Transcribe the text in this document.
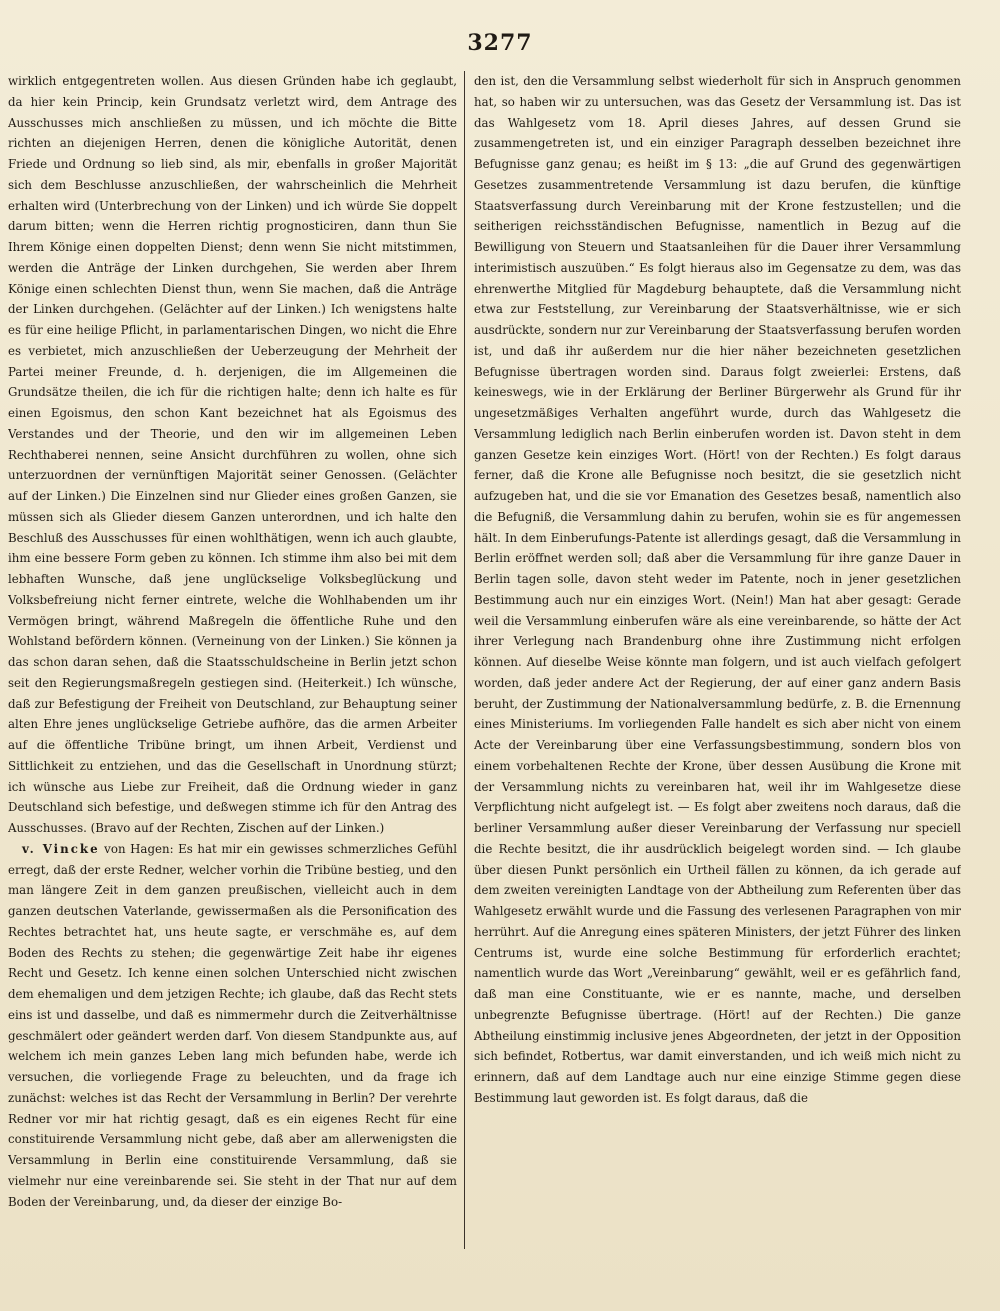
3277

wirklich entgegentreten wollen. Aus diesen Gründen habe ich geglaubt, da hier kein Princip, kein Grundsatz verletzt wird, dem Antrage des Ausschusses mich anschließen zu müssen, und ich möchte die Bitte richten an diejenigen Herren, denen die königliche Autorität, denen Friede und Ordnung so lieb sind, als mir, ebenfalls in großer Majorität sich dem Beschlusse anzuschließen, der wahrscheinlich die Mehrheit erhalten wird (Unterbrechung von der Linken) und ich würde Sie doppelt darum bitten; wenn die Herren richtig prognosticiren, dann thun Sie Ihrem Könige einen doppelten Dienst; denn wenn Sie nicht mitstimmen, werden die Anträge der Linken durchgehen, Sie werden aber Ihrem Könige einen schlechten Dienst thun, wenn Sie machen, daß die Anträge der Linken durchgehen. (Gelächter auf der Linken.) Ich wenigstens halte es für eine heilige Pflicht, in parlamentarischen Dingen, wo nicht die Ehre es verbietet, mich anzuschließen der Ueberzeugung der Mehrheit der Partei meiner Freunde, d. h. derjenigen, die im Allgemeinen die Grundsätze theilen, die ich für die richtigen halte; denn ich halte es für einen Egoismus, den schon Kant bezeichnet hat als Egoismus des Verstandes und der Theorie, und den wir im allgemeinen Leben Rechthaberei nennen, seine Ansicht durchführen zu wollen, ohne sich unterzuordnen der vernünftigen Majorität seiner Genossen. (Gelächter auf der Linken.) Die Einzelnen sind nur Glieder eines großen Ganzen, sie müssen sich als Glieder diesem Ganzen unterordnen, und ich halte den Beschluß des Ausschusses für einen wohlthätigen, wenn ich auch glaubte, ihm eine bessere Form geben zu können. Ich stimme ihm also bei mit dem lebhaften Wunsche, daß jene unglückselige Volksbeglückung und Volksbefreiung nicht ferner eintrete, welche die Wohlhabenden um ihr Vermögen bringt, während Maßregeln die öffentliche Ruhe und den Wohlstand befördern können. (Verneinung von der Linken.) Sie können ja das schon daran sehen, daß die Staatsschuldscheine in Berlin jetzt schon seit den Regierungsmaßregeln gestiegen sind. (Heiterkeit.) Ich wünsche, daß zur Befestigung der Freiheit von Deutschland, zur Behauptung seiner alten Ehre jenes unglückselige Getriebe aufhöre, das die armen Arbeiter auf die öffentliche Tribüne bringt, um ihnen Arbeit, Verdienst und Sittlichkeit zu entziehen, und das die Gesellschaft in Unordnung stürzt; ich wünsche aus Liebe zur Freiheit, daß die Ordnung wieder in ganz Deutschland sich befestige, und deßwegen stimme ich für den Antrag des Ausschusses. (Bravo auf der Rechten, Zischen auf der Linken.)

v. Vincke von Hagen: Es hat mir ein gewisses schmerzliches Gefühl erregt, daß der erste Redner, welcher vorhin die Tribüne bestieg, und den man längere Zeit in dem ganzen preußischen, vielleicht auch in dem ganzen deutschen Vaterlande, gewissermaßen als die Personification des Rechtes betrachtet hat, uns heute sagte, er verschmähe es, auf dem Boden des Rechts zu stehen; die gegenwärtige Zeit habe ihr eigenes Recht und Gesetz. Ich kenne einen solchen Unterschied nicht zwischen dem ehemaligen und dem jetzigen Rechte; ich glaube, daß das Recht stets eins ist und dasselbe, und daß es nimmermehr durch die Zeitverhältnisse geschmälert oder geändert werden darf. Von diesem Standpunkte aus, auf welchem ich mein ganzes Leben lang mich befunden habe, werde ich versuchen, die vorliegende Frage zu beleuchten, und da frage ich zunächst: welches ist das Recht der Versammlung in Berlin? Der verehrte Redner vor mir hat richtig gesagt, daß es ein eigenes Recht für eine constituirende Versammlung nicht gebe, daß aber am allerwenigsten die Versammlung in Berlin eine constituirende Versammlung, daß sie vielmehr nur eine vereinbarende sei. Sie steht in der That nur auf dem Boden der Vereinbarung, und, da dieser der einzige Bo-

den ist, den die Versammlung selbst wiederholt für sich in Anspruch genommen hat, so haben wir zu untersuchen, was das Gesetz der Versammlung ist. Das ist das Wahlgesetz vom 18. April dieses Jahres, auf dessen Grund sie zusammengetreten ist, und ein einziger Paragraph desselben bezeichnet ihre Befugnisse ganz genau; es heißt im § 13: „die auf Grund des gegenwärtigen Gesetzes zusammentretende Versammlung ist dazu berufen, die künftige Staatsverfassung durch Vereinbarung mit der Krone festzustellen; und die seitherigen reichsständischen Befugnisse, namentlich in Bezug auf die Bewilligung von Steuern und Staatsanleihen für die Dauer ihrer Versammlung interimistisch auszuüben.“ Es folgt hieraus also im Gegensatze zu dem, was das ehrenwerthe Mitglied für Magdeburg behauptete, daß die Versammlung nicht etwa zur Feststellung, zur Vereinbarung der Staatsverhältnisse, wie er sich ausdrückte, sondern nur zur Vereinbarung der Staatsverfassung berufen worden ist, und daß ihr außerdem nur die hier näher bezeichneten gesetzlichen Befugnisse übertragen worden sind. Daraus folgt zweierlei: Erstens, daß keineswegs, wie in der Erklärung der Berliner Bürgerwehr als Grund für ihr ungesetzmäßiges Verhalten angeführt wurde, durch das Wahlgesetz die Versammlung lediglich nach Berlin einberufen worden ist. Davon steht in dem ganzen Gesetze kein einziges Wort. (Hört! von der Rechten.) Es folgt daraus ferner, daß die Krone alle Befugnisse noch besitzt, die sie gesetzlich nicht aufzugeben hat, und die sie vor Emanation des Gesetzes besaß, namentlich also die Befugniß, die Versammlung dahin zu berufen, wohin sie es für angemessen hält. In dem Einberufungs-Patente ist allerdings gesagt, daß die Versammlung in Berlin eröffnet werden soll; daß aber die Versammlung für ihre ganze Dauer in Berlin tagen solle, davon steht weder im Patente, noch in jener gesetzlichen Bestimmung auch nur ein einziges Wort. (Nein!) Man hat aber gesagt: Gerade weil die Versammlung einberufen wäre als eine vereinbarende, so hätte der Act ihrer Verlegung nach Brandenburg ohne ihre Zustimmung nicht erfolgen können. Auf dieselbe Weise könnte man folgern, und ist auch vielfach gefolgert worden, daß jeder andere Act der Regierung, der auf einer ganz andern Basis beruht, der Zustimmung der Nationalversammlung bedürfe, z. B. die Ernennung eines Ministeriums. Im vorliegenden Falle handelt es sich aber nicht von einem Acte der Vereinbarung über eine Verfassungsbestimmung, sondern blos von einem vorbehaltenen Rechte der Krone, über dessen Ausübung die Krone mit der Versammlung nichts zu vereinbaren hat, weil ihr im Wahlgesetze diese Verpflichtung nicht aufgelegt ist. — Es folgt aber zweitens noch daraus, daß die berliner Versammlung außer dieser Vereinbarung der Verfassung nur speciell die Rechte besitzt, die ihr ausdrücklich beigelegt worden sind. — Ich glaube über diesen Punkt persönlich ein Urtheil fällen zu können, da ich gerade auf dem zweiten vereinigten Landtage von der Abtheilung zum Referenten über das Wahlgesetz erwählt wurde und die Fassung des verlesenen Paragraphen von mir herrührt. Auf die Anregung eines späteren Ministers, der jetzt Führer des linken Centrums ist, wurde eine solche Bestimmung für erforderlich erachtet; namentlich wurde das Wort „Vereinbarung“ gewählt, weil er es gefährlich fand, daß man eine Constituante, wie er es nannte, mache, und derselben unbegrenzte Befugnisse übertrage. (Hört! auf der Rechten.) Die ganze Abtheilung einstimmig inclusive jenes Abgeordneten, der jetzt in der Opposition sich befindet, Rotbertus, war damit einverstanden, und ich weiß mich nicht zu erinnern, daß auf dem Landtage auch nur eine einzige Stimme gegen diese Bestimmung laut geworden ist. Es folgt daraus, daß die
